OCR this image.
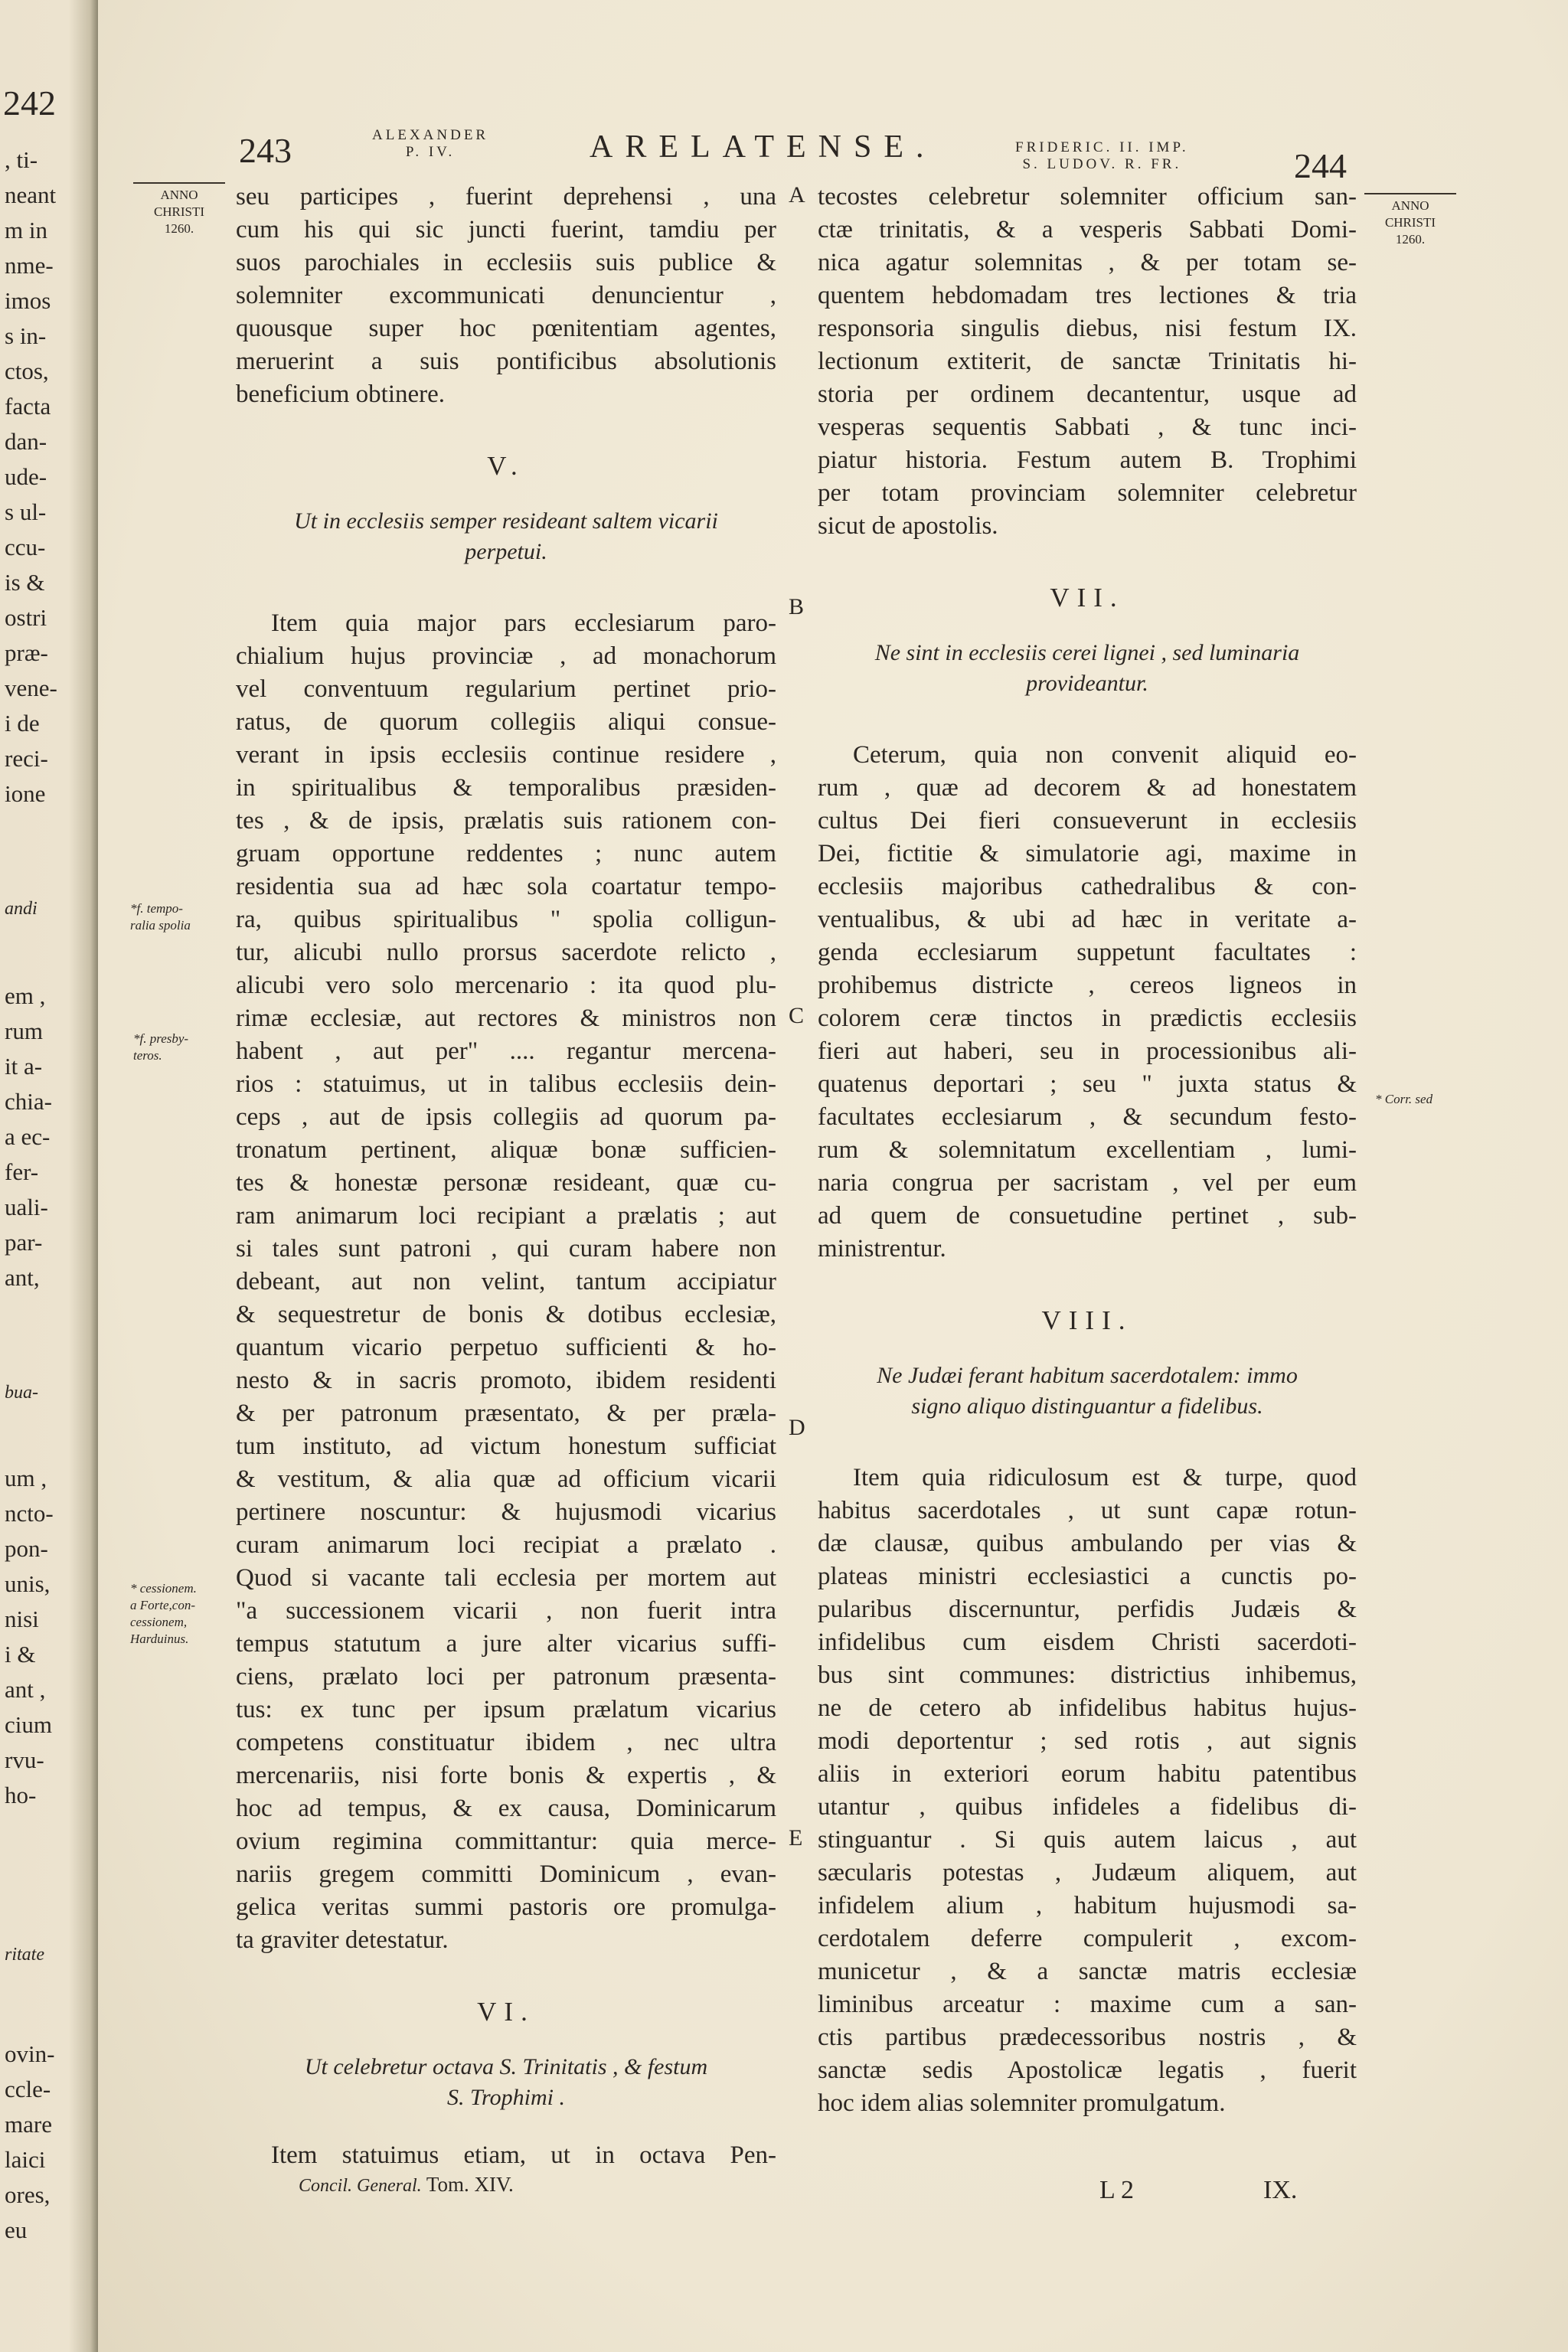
242
, ti-
neant
m in
nme-
imos
s in-
ctos,
facta
dan-
ude-
s ul-
ccu-
is &
ostri
præ-
vene-
i de
reci-
ione
andi
em ,
rum
it a-
chia-
a ec-
fer-
uali-
par-
ant,
bua-
um ,
ncto-
pon-
unis,
nisi
i &
ant ,
cium
rvu-
ho-
ritate
ovin-
ccle-
mare
laici
ores,
eu
243	ALEXANDER
P. IV.	ARELATENSE.	FRIDERIC. II. IMP.
S. LUDOV. R. FR.	244
ANNO
CHRISTI
1260.
ANNO
CHRISTI
1260.
*f. tempo-
ralia spolia
*f. presby-
teros.
* cessionem.
a Forte,con-
cessionem,
Harduinus.
* Corr. sed
A
B
C
D
E
seu participes , fuerint deprehensi , una
cum his qui sic juncti fuerint, tamdiu per
suos parochiales in ecclesiis suis publice &
solemniter excommunicati denuncientur ,
quousque super hoc pœnitentiam agentes,
meruerint a suis pontificibus absolutionis
beneficium obtinere.
V.
Ut in ecclesiis semper resideant saltem vicarii
perpetui.
Item quia major pars ecclesiarum paro-
chialium hujus provinciæ , ad monachorum
vel conventuum regularium pertinet prio-
ratus, de quorum collegiis aliqui consue-
verant in ipsis ecclesiis continue residere ,
in spiritualibus & temporalibus præsiden-
tes , & de ipsis, prælatis suis rationem con-
gruam opportune reddentes ; nunc autem
residentia sua ad hæc sola coartatur tempo-
ra, quibus spiritualibus " spolia colligun-
tur, alicubi nullo prorsus sacerdote relicto ,
alicubi vero solo mercenario : ita quod plu-
rimæ ecclesiæ, aut rectores & ministros non
habent , aut per" .... regantur mercena-
rios : statuimus, ut in talibus ecclesiis dein-
ceps , aut de ipsis collegiis ad quorum pa-
tronatum pertinent, aliquæ bonæ sufficien-
tes & honestæ personæ resideant, quæ cu-
ram animarum loci recipiant a prælatis ; aut
si tales sunt patroni , qui curam habere non
debeant, aut non velint, tantum accipiatur
& sequestretur de bonis & dotibus ecclesiæ,
quantum vicario perpetuo sufficienti & ho-
nesto & in sacris promoto, ibidem residenti
& per patronum præsentato, & per præla-
tum instituto, ad victum honestum sufficiat
& vestitum, & alia quæ ad officium vicarii
pertinere noscuntur: & hujusmodi vicarius
curam animarum loci recipiat a prælato .
Quod si vacante tali ecclesia per mortem aut
"a successionem vicarii , non fuerit intra
tempus statutum a jure alter vicarius suffi-
ciens, prælato loci per patronum præsenta-
tus: ex tunc per ipsum prælatum vicarius
competens constituatur ibidem , nec ultra
mercenariis, nisi forte bonis & expertis , &
hoc ad tempus, & ex causa, Dominicarum
ovium regimina committantur: quia merce-
nariis gregem committi Dominicum , evan-
gelica veritas summi pastoris ore promulga-
ta graviter detestatur.
VI.
Ut celebretur octava S. Trinitatis , & festum
S. Trophimi .
Item statuimus etiam, ut in octava Pen-
tecostes celebretur solemniter officium san-
ctæ trinitatis, & a vesperis Sabbati Domi-
nica agatur solemnitas , & per totam se-
quentem hebdomadam tres lectiones & tria
responsoria singulis diebus, nisi festum IX.
lectionum extiterit, de sanctæ Trinitatis hi-
storia per ordinem decantentur, usque ad
vesperas sequentis Sabbati , & tunc inci-
piatur historia. Festum autem B. Trophimi
per totam provinciam solemniter celebretur
sicut de apostolis.
VII.
Ne sint in ecclesiis cerei lignei , sed luminaria
provideantur.
Ceterum, quia non convenit aliquid eo-
rum , quæ ad decorem & ad honestatem
cultus Dei fieri consueverunt in ecclesiis
Dei, fictitie & simulatorie agi, maxime in
ecclesiis majoribus cathedralibus & con-
ventualibus, & ubi ad hæc in veritate a-
genda ecclesiarum suppetunt facultates :
prohibemus districte , cereos ligneos in
colorem ceræ tinctos in prædictis ecclesiis
fieri aut haberi, seu in processionibus ali-
quatenus deportari ; seu " juxta status &
facultates ecclesiarum , & secundum festo-
rum & solemnitatum excellentiam , lumi-
naria congrua per sacristam , vel per eum
ad quem de consuetudine pertinet , sub-
ministrentur.
VIII.
Ne Judæi ferant habitum sacerdotalem: immo
signo aliquo distinguantur a fidelibus.
Item quia ridiculosum est & turpe, quod
habitus sacerdotales , ut sunt capæ rotun-
dæ clausæ, quibus ambulando per vias &
plateas ministri ecclesiastici a cunctis po-
pularibus discernuntur, perfidis Judæis &
infidelibus cum eisdem Christi sacerdoti-
bus sint communes: districtius inhibemus,
ne de cetero ab infidelibus habitus hujus-
modi deportentur ; sed rotis , aut signis
aliis in exteriori eorum habitu patentibus
utantur , quibus infideles a fidelibus di-
stinguantur . Si quis autem laicus , aut
sæcularis potestas , Judæum aliquem, aut
infidelem alium , habitum hujusmodi sa-
cerdotalem deferre compulerit , excom-
municetur , & a sanctæ matris ecclesiæ
liminibus arceatur : maxime cum a san-
ctis partibus prædecessoribus nostris , &
sanctæ sedis Apostolicæ legatis , fuerit
hoc idem alias solemniter promulgatum.
Concil. General. Tom. XIV.	L 2	IX.
